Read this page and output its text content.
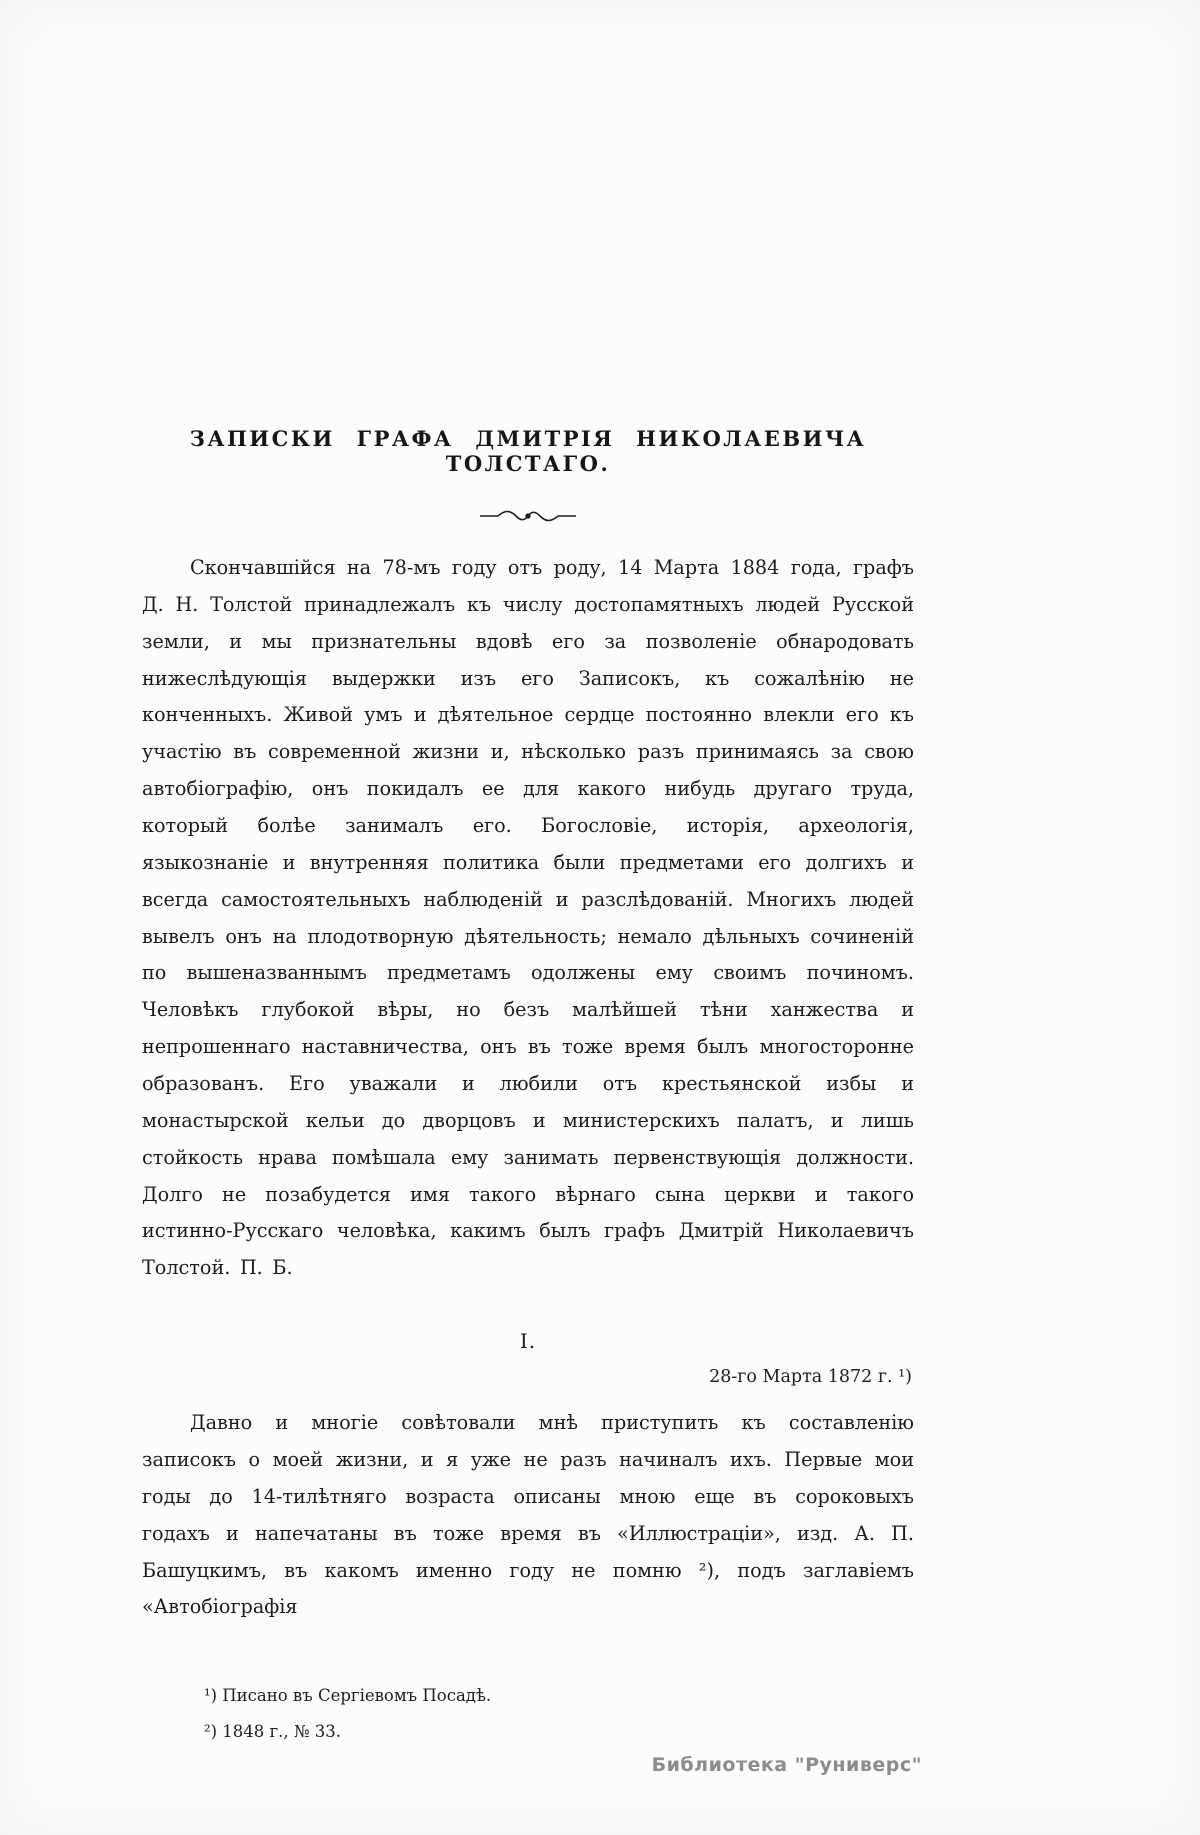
ЗАПИСКИ ГРАФА ДМИТРІЯ НИКОЛАЕВИЧА ТОЛСТАГО.

Скончавшійся на 78-мъ году отъ роду, 14 Марта 1884 года, графъ Д. Н. Толстой принадлежалъ къ числу достопамятныхъ людей Русской земли, и мы признательны вдовѣ его за позволеніе обнародовать нижеслѣдующія выдержки изъ его Записокъ, къ сожалѣнію не конченныхъ. Живой умъ и дѣятельное сердце постоянно влекли его къ участію въ современной жизни и, нѣсколько разъ принимаясь за свою автобіографію, онъ покидалъ ее для какого нибудь другаго труда, который болѣе занималъ его. Богословіе, исторія, археологія, языкознаніе и внутренняя политика были предметами его долгихъ и всегда самостоятельныхъ наблюденій и разслѣдованій. Многихъ людей вывелъ онъ на плодотворную дѣятельность; немало дѣльныхъ сочиненій по вышеназваннымъ предметамъ одолжены ему своимъ починомъ. Человѣкъ глубокой вѣры, но безъ малѣйшей тѣни ханжества и непрошеннаго наставничества, онъ въ тоже время былъ многосторонне образованъ. Его уважали и любили отъ крестьянской избы и монастырской кельи до дворцовъ и министерскихъ палатъ, и лишь стойкость нрава помѣшала ему занимать первенствующія должности. Долго не позабудется имя такого вѣрнаго сына церкви и такого истинно-Русскаго человѣка, какимъ былъ графъ Дмитрій Николаевичъ Толстой. П. Б.

I.
28-го Марта 1872 г. ¹)

Давно и многіе совѣтовали мнѣ приступить къ составленію записокъ о моей жизни, и я уже не разъ начиналъ ихъ. Первые мои годы до 14-тилѣтняго возраста описаны мною еще въ сороковыхъ годахъ и напечатаны въ тоже время въ «Иллюстраціи», изд. А. П. Башуцкимъ, въ какомъ именно году не помню ²), подъ заглавіемъ «Автобіографія

¹) Писано въ Сергіевомъ Посадѣ.
²) 1848 г., № 33.
Библиотека "Руниверс"
